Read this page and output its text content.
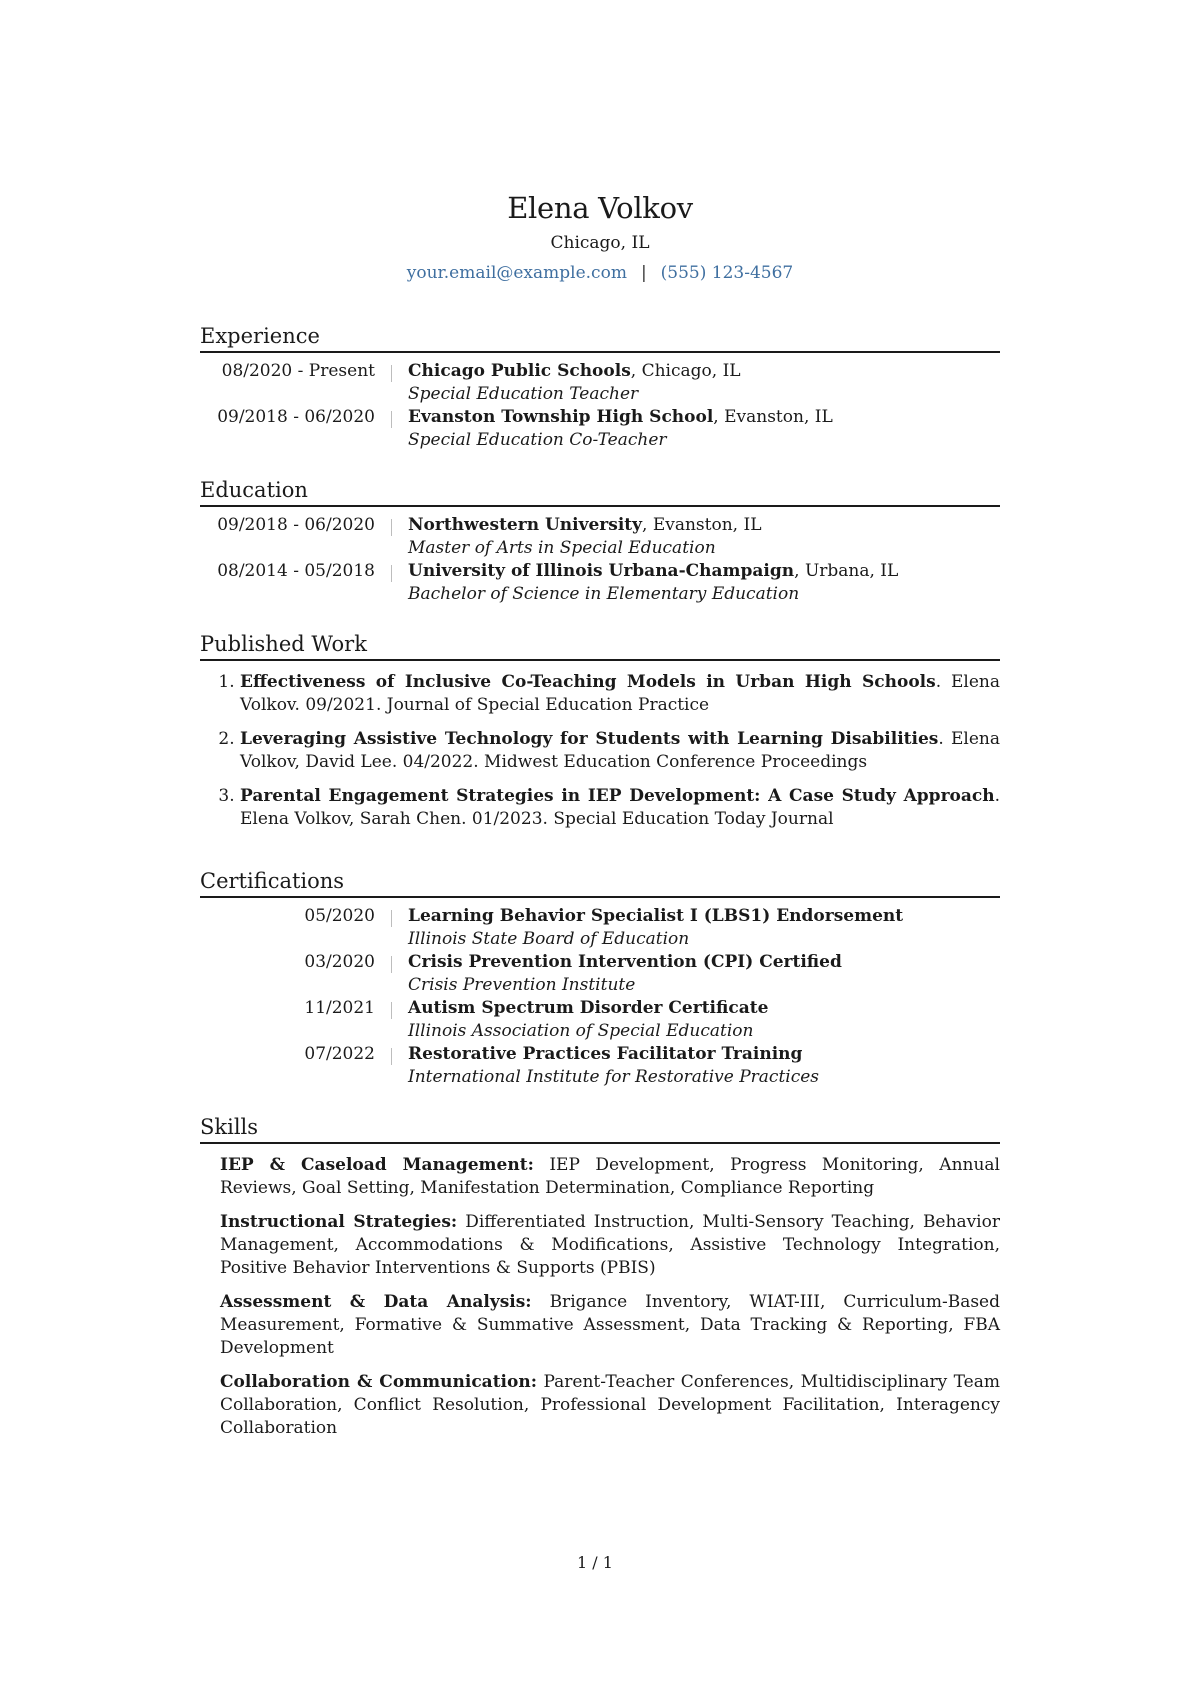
Elena Volkov
Chicago, IL
your.email@example.com | (555) 123-4567
Experience
08/2020 - Present	Chicago Public Schools, Chicago, IL
Special Education Teacher
09/2018 - 06/2020	Evanston Township High School, Evanston, IL
Special Education Co-Teacher
Education
09/2018 - 06/2020	Northwestern University, Evanston, IL
Master of Arts in Special Education
08/2014 - 05/2018	University of Illinois Urbana-Champaign, Urbana, IL
Bachelor of Science in Elementary Education
Published Work
1. Effectiveness of Inclusive Co-Teaching Models in Urban High Schools. Elena Volkov. 09/2021. Journal of Special Education Practice
2. Leveraging Assistive Technology for Students with Learning Disabilities. Elena Volkov, David Lee. 04/2022. Midwest Education Conference Proceedings
3. Parental Engagement Strategies in IEP Development: A Case Study Approach. Elena Volkov, Sarah Chen. 01/2023. Special Education Today Journal
Certifications
05/2020	Learning Behavior Specialist I (LBS1) Endorsement
Illinois State Board of Education
03/2020	Crisis Prevention Intervention (CPI) Certified
Crisis Prevention Institute
11/2021	Autism Spectrum Disorder Certificate
Illinois Association of Special Education
07/2022	Restorative Practices Facilitator Training
International Institute for Restorative Practices
Skills
IEP & Caseload Management: IEP Development, Progress Monitoring, Annual Reviews, Goal Setting, Manifestation Determination, Compliance Reporting
Instructional Strategies: Differentiated Instruction, Multi-Sensory Teaching, Behavior Management, Accommodations & Modifications, Assistive Technology Integration, Positive Behavior Interventions & Supports (PBIS)
Assessment & Data Analysis: Brigance Inventory, WIAT-III, Curriculum-Based Measurement, Formative & Summative Assessment, Data Tracking & Reporting, FBA Development
Collaboration & Communication: Parent-Teacher Conferences, Multidisciplinary Team Collaboration, Conflict Resolution, Professional Development Facilitation, Interagency Collaboration
1 / 1
